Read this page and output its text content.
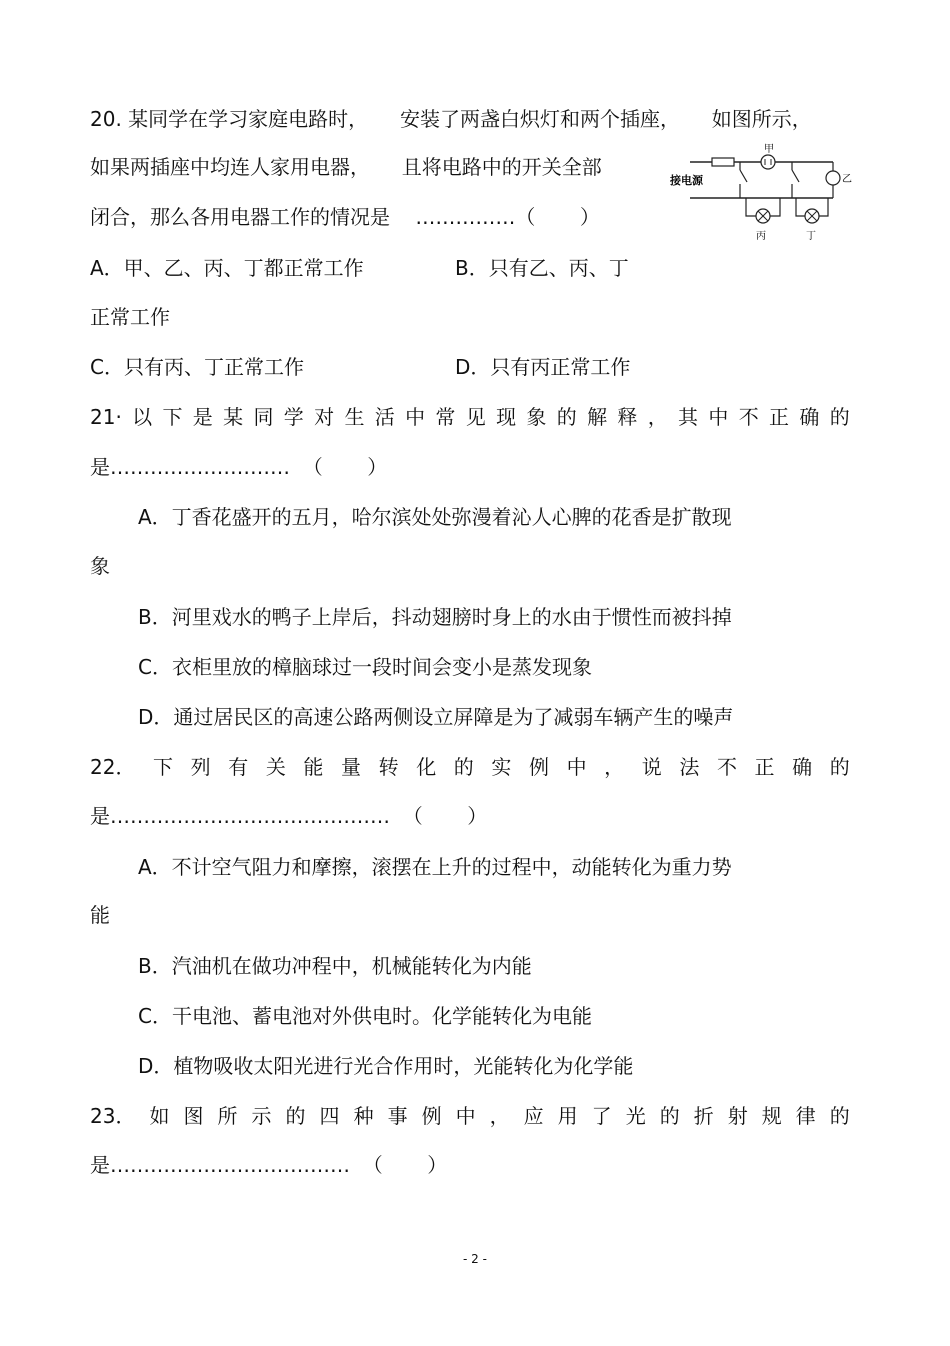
20. 某同学在学习家庭电路时，     安装了两盏白炽灯和两个插座，     如图所示，
如果两插座中均连人家用电器，     且将电路中的开关全部
闭合，那么各用电器工作的情况是    ……………（       ）
甲
乙
丙	丁
接电源
A．甲、乙、丙、丁都正常工作	B．只有乙、丙、丁
正常工作
C．只有丙、丁正常工作	D．只有丙正常工作
21· 以 下 是 某 同 学 对 生 活 中 常 见 现 象 的 解 释 ， 其 中 不 正 确 的
是………………………  （       ）
A．丁香花盛开的五月，哈尔滨处处弥漫着沁人心脾的花香是扩散现
象
B．河里戏水的鸭子上岸后，抖动翅膀时身上的水由于惯性而被抖掉
C．衣柜里放的樟脑球过一段时间会变小是蒸发现象
D．通过居民区的高速公路两侧设立屏障是为了减弱车辆产生的噪声
22． 下 列 有 关 能 量 转 化 的 实 例 中 ， 说 法 不 正 确 的
是……………………………………  （       ）
A．不计空气阻力和摩擦，滚摆在上升的过程中，动能转化为重力势
能
B．汽油机在做功冲程中，机械能转化为内能
C．干电池、蓄电池对外供电时。化学能转化为电能
D．植物吸收太阳光进行光合作用时，光能转化为化学能
23． 如 图 所 示 的 四 种 事 例 中 ， 应 用 了 光 的 折 射 规 律 的
是………………………………  （       ）
- 2 -
